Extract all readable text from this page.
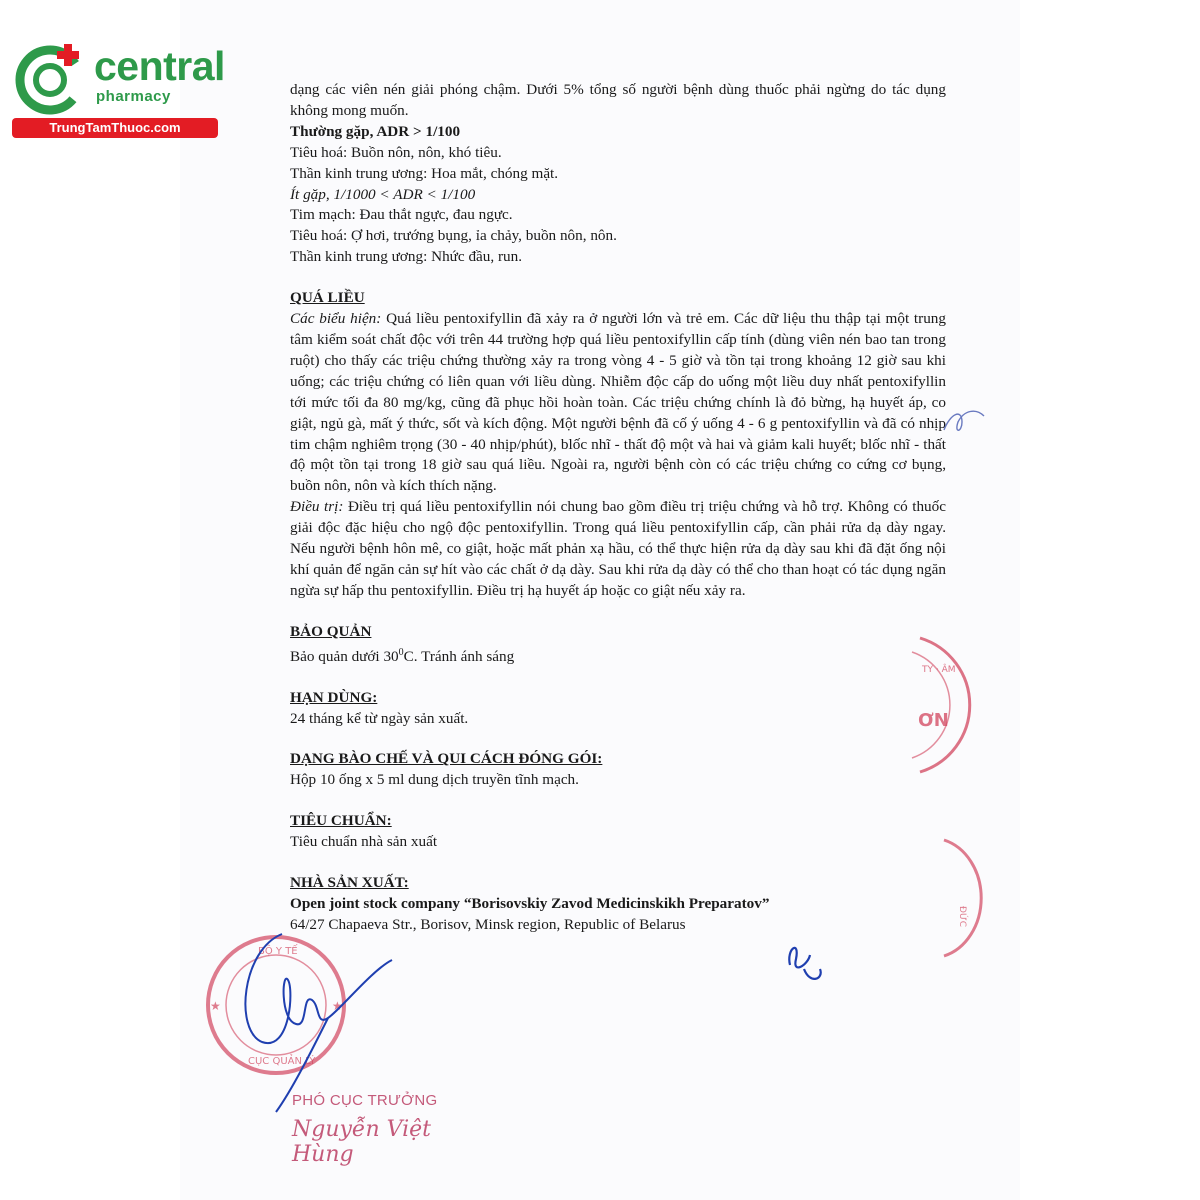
central
pharmacy
TrungTamThuoc.com

dạng các viên nén giải phóng chậm. Dưới 5% tổng số người bệnh dùng thuốc phải ngừng do tác dụng không mong muốn.

Thường gặp, ADR > 1/100

Tiêu hoá: Buồn nôn, nôn, khó tiêu.

Thần kinh trung ương: Hoa mắt, chóng mặt.

Ít gặp, 1/1000 < ADR < 1/100

Tim mạch: Đau thắt ngực, đau ngực.

Tiêu hoá: Ợ hơi, trướng bụng, ỉa chảy, buồn nôn, nôn.

Thần kinh trung ương: Nhức đầu, run.

QUÁ LIỀU

Các biểu hiện: Quá liều pentoxifyllin đã xảy ra ở người lớn và trẻ em. Các dữ liệu thu thập tại một trung tâm kiểm soát chất độc với trên 44 trường hợp quá liều pentoxifyllin cấp tính (dùng viên nén bao tan trong ruột) cho thấy các triệu chứng thường xảy ra trong vòng 4 - 5 giờ và tồn tại trong khoảng 12 giờ sau khi uống; các triệu chứng có liên quan với liều dùng. Nhiễm độc cấp do uống một liều duy nhất pentoxifyllin tới mức tối đa 80 mg/kg, cũng đã phục hồi hoàn toàn. Các triệu chứng chính là đỏ bừng, hạ huyết áp, co giật, ngủ gà, mất ý thức, sốt và kích động. Một người bệnh đã cố ý uống 4 - 6 g pentoxifyllin và đã có nhịp tim chậm nghiêm trọng (30 - 40 nhịp/phút), blốc nhĩ - thất độ một và hai và giảm kali huyết; blốc nhĩ - thất độ một tồn tại trong 18 giờ sau quá liều. Ngoài ra, người bệnh còn có các triệu chứng co cứng cơ bụng, buồn nôn, nôn và kích thích nặng.

Điều trị: Điều trị quá liều pentoxifyllin nói chung bao gồm điều trị triệu chứng và hỗ trợ. Không có thuốc giải độc đặc hiệu cho ngộ độc pentoxifyllin. Trong quá liều pentoxifyllin cấp, cần phải rửa dạ dày ngay. Nếu người bệnh hôn mê, co giật, hoặc mất phản xạ hầu, có thể thực hiện rửa dạ dày sau khi đã đặt ống nội khí quản để ngăn cản sự hít vào các chất ở dạ dày. Sau khi rửa dạ dày có thể cho than hoạt có tác dụng ngăn ngừa sự hấp thu pentoxifyllin. Điều trị hạ huyết áp hoặc co giật nếu xảy ra.

BẢO QUẢN

Bảo quản dưới $30^0C$. Tránh ánh sáng

HẠN DÙNG:

24 tháng kể từ ngày sản xuất.

DẠNG BÀO CHẾ VÀ QUI CÁCH ĐÓNG GÓI:

Hộp 10 ống x 5 ml dung dịch truyền tĩnh mạch.

TIÊU CHUẨN:

Tiêu chuẩn nhà sản xuất

NHÀ SẢN XUẤT:

Open joint stock company “Borisovskiy Zavod Medicinskikh Preparatov”

64/27 Chapaeva Str., Borisov, Minsk region, Republic of Belarus

TY · ÂM
ƠN
ĐỨC
BỘ Y TẾ
CỤC QUẢN LÝ
★	★
PHÓ CỤC TRƯỞNG
Nguyễn Việt Hùng
